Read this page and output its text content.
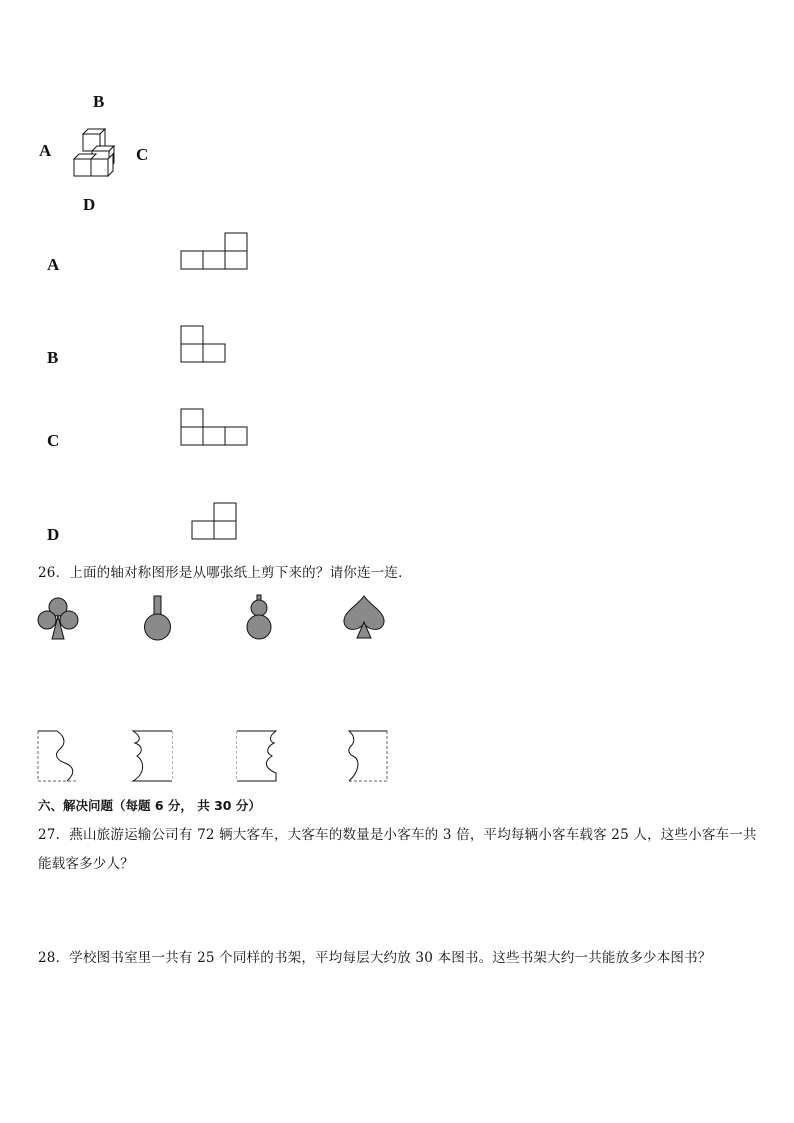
B
A	C
D
A
B
C
D
26．上面的轴对称图形是从哪张纸上剪下来的？请你连一连．
六、解决问题（每题 6 分， 共 30 分）
27．燕山旅游运输公司有 72 辆大客车，大客车的数量是小客车的 3 倍，平均每辆小客车载客 25 人，这些小客车一共
能载客多少人？
28．学校图书室里一共有 25 个同样的书架，平均每层大约放 30 本图书。这些书架大约一共能放多少本图书？
